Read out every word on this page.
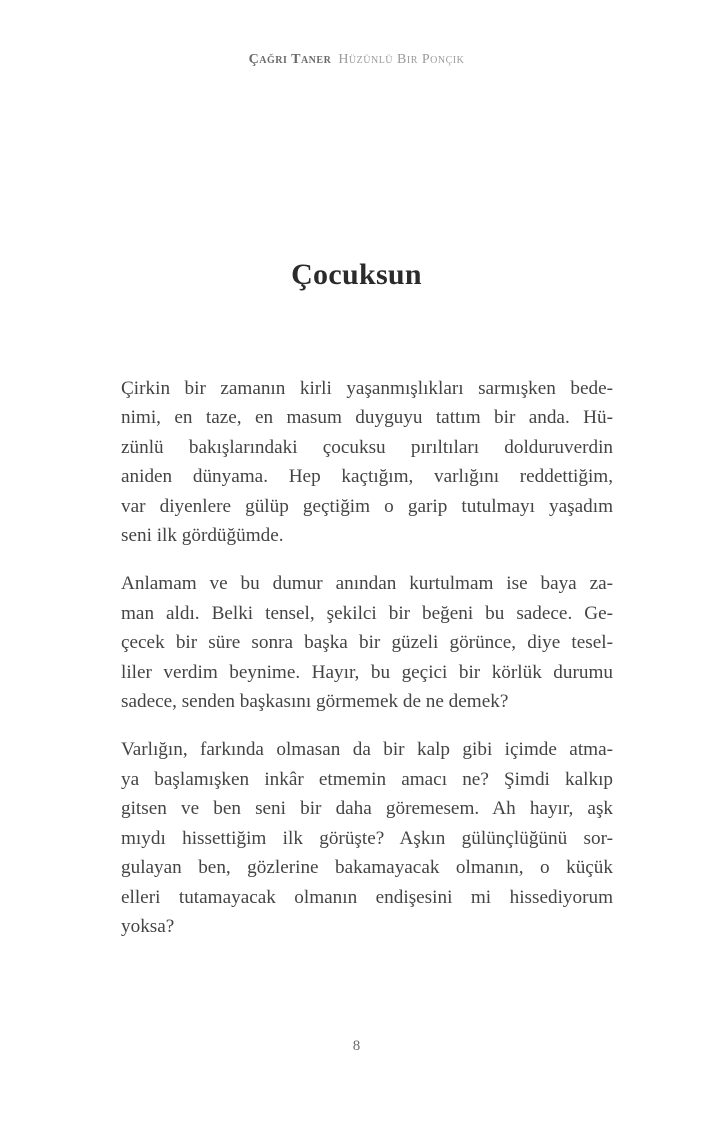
Çağrı Taner Hüzünlü Bir Ponçik
Çocuksun

Çirkin bir zamanın kirli yaşanmışlıkları sarmışken bede-
nimi, en taze, en masum duyguyu tattım bir anda. Hü-
zünlü bakışlarındaki çocuksu pırıltıları dolduruverdin
aniden dünyama. Hep kaçtığım, varlığını reddettiğim,
var diyenlere gülüp geçtiğim o garip tutulmayı yaşadım
seni ilk gördüğümde.

Anlamam ve bu dumur anından kurtulmam ise baya za-
man aldı. Belki tensel, şekilci bir beğeni bu sadece. Ge-
çecek bir süre sonra başka bir güzeli görünce, diye tesel-
liler verdim beynime. Hayır, bu geçici bir körlük durumu
sadece, senden başkasını görmemek de ne demek?

Varlığın, farkında olmasan da bir kalp gibi içimde atma-
ya başlamışken inkâr etmemin amacı ne? Şimdi kalkıp
gitsen ve ben seni bir daha göremesem. Ah hayır, aşk
mıydı hissettiğim ilk görüşte? Aşkın gülünçlüğünü sor-
gulayan ben, gözlerine bakamayacak olmanın, o küçük
elleri tutamayacak olmanın endişesini mi hissediyorum
yoksa?

8
